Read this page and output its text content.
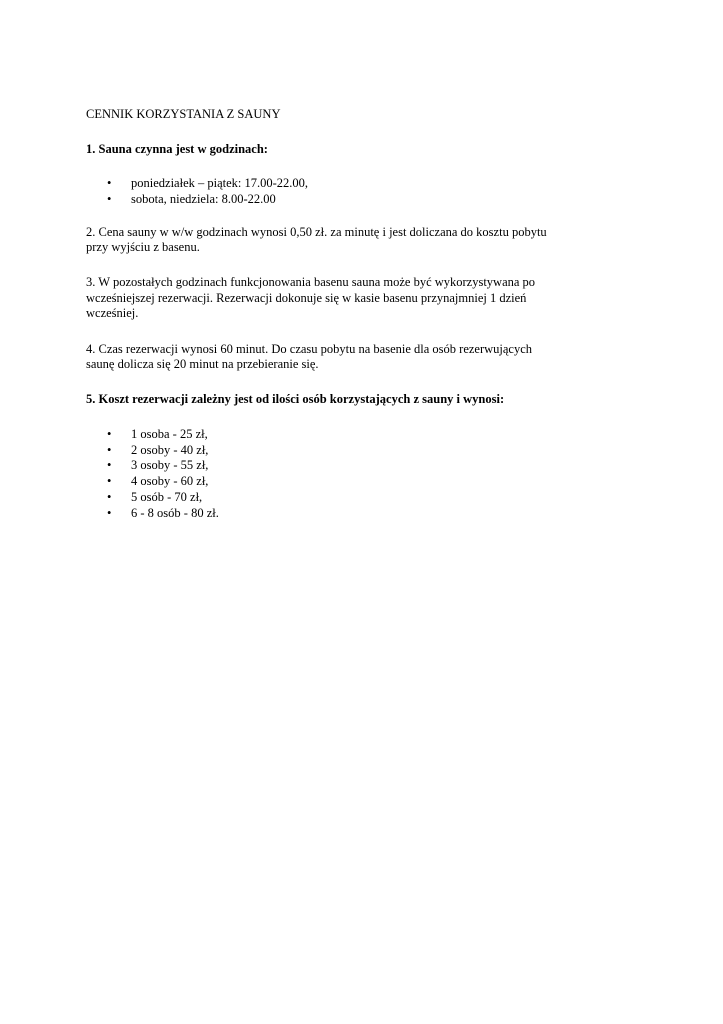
CENNIK KORZYSTANIA Z SAUNY
1. Sauna czynna jest w godzinach:
• poniedziałek – piątek: 17.00-22.00,
• sobota, niedziela: 8.00-22.00
2. Cena sauny w w/w godzinach wynosi 0,50 zł. za minutę i jest doliczana do kosztu pobytu
przy wyjściu z basenu.
3. W pozostałych godzinach funkcjonowania basenu sauna może być wykorzystywana po
wcześniejszej rezerwacji. Rezerwacji dokonuje się w kasie basenu przynajmniej 1 dzień
wcześniej.
4. Czas rezerwacji wynosi 60 minut. Do czasu pobytu na basenie dla osób rezerwujących
saunę dolicza się 20 minut na przebieranie się.
5. Koszt rezerwacji zależny jest od ilości osób korzystających z sauny i wynosi:
• 1 osoba - 25 zł,
• 2 osoby - 40 zł,
• 3 osoby - 55 zł,
• 4 osoby - 60 zł,
• 5 osób - 70 zł,
• 6 - 8 osób - 80 zł.
